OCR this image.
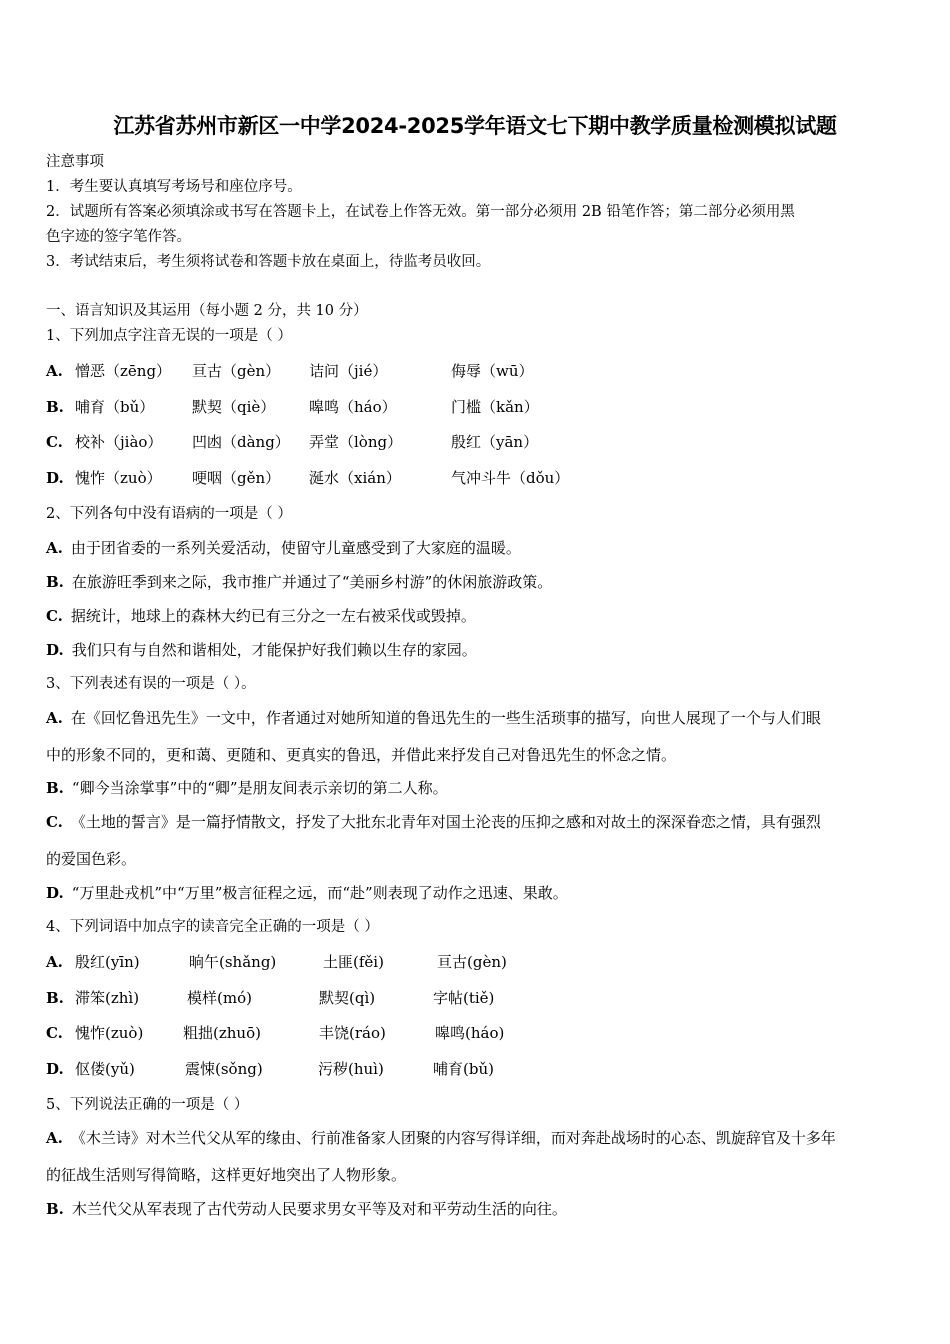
江苏省苏州市新区一中学2024-2025学年语文七下期中教学质量检测模拟试题
注意事项
1．考生要认真填写考场号和座位序号。
2．试题所有答案必须填涂或书写在答题卡上，在试卷上作答无效。第一部分必须用 2B 铅笔作答；第二部分必须用黑
色字迹的签字笔作答。
3．考试结束后，考生须将试卷和答题卡放在桌面上，待监考员收回。
一、语言知识及其运用（每小题 2 分，共 10 分）
1、下列加点字注音无误的一项是（ ）
A. 憎恶（zēng） 亘古（gèn） 诘问（jié）	侮辱（wū）
B. 哺育（bǔ）	默契（qiè） 嗥鸣（háo）	门槛（kǎn）
C. 校补（jiào） 凹凼（dàng） 弄堂（lòng）	殷红（yān）
D. 愧怍（zuò） 哽咽（gěn） 涎水（xián）	气冲斗牛（dǒu）
2、下列各句中没有语病的一项是（ ）
A. 由于团省委的一系列关爱活动，使留守儿童感受到了大家庭的温暖。
B. 在旅游旺季到来之际，我市推广并通过了“美丽乡村游”的休闲旅游政策。
C. 据统计，地球上的森林大约已有三分之一左右被采伐或毁掉。
D. 我们只有与自然和谐相处，才能保护好我们赖以生存的家园。
3、下列表述有误的一项是（ ）。
A. 在《回忆鲁迅先生》一文中，作者通过对她所知道的鲁迅先生的一些生活琐事的描写，向世人展现了一个与人们眼
中的形象不同的，更和蔼、更随和、更真实的鲁迅，并借此来抒发自己对鲁迅先生的怀念之情。
B. “卿今当涂掌事”中的“卿”是朋友间表示亲切的第二人称。
C. 《土地的誓言》是一篇抒情散文，抒发了大批东北青年对国土沦丧的压抑之感和对故土的深深眷恋之情，具有强烈
的爱国色彩。
D. “万里赴戎机”中“万里”极言征程之远，而“赴”则表现了动作之迅速、果敢。
4、下列词语中加点字的读音完全正确的一项是（ ）
A. 殷红(yīn)	晌午(shǎng)	土匪(fěi)	亘古(gèn)
B. 滞笨(zhì)	模样(mó)	默契(qì)	字帖(tiě)
C. 愧怍(zuò)	粗拙(zhuō)	丰饶(ráo)	嗥鸣(háo)
D. 伛偻(yǔ)	震悚(sǒng)	污秽(huì)	哺育(bǔ)
5、下列说法正确的一项是（ ）
A. 《木兰诗》对木兰代父从军的缘由、行前准备家人团聚的内容写得详细，而对奔赴战场时的心态、凯旋辞官及十多年
的征战生活则写得简略，这样更好地突出了人物形象。
B. 木兰代父从军表现了古代劳动人民要求男女平等及对和平劳动生活的向往。
